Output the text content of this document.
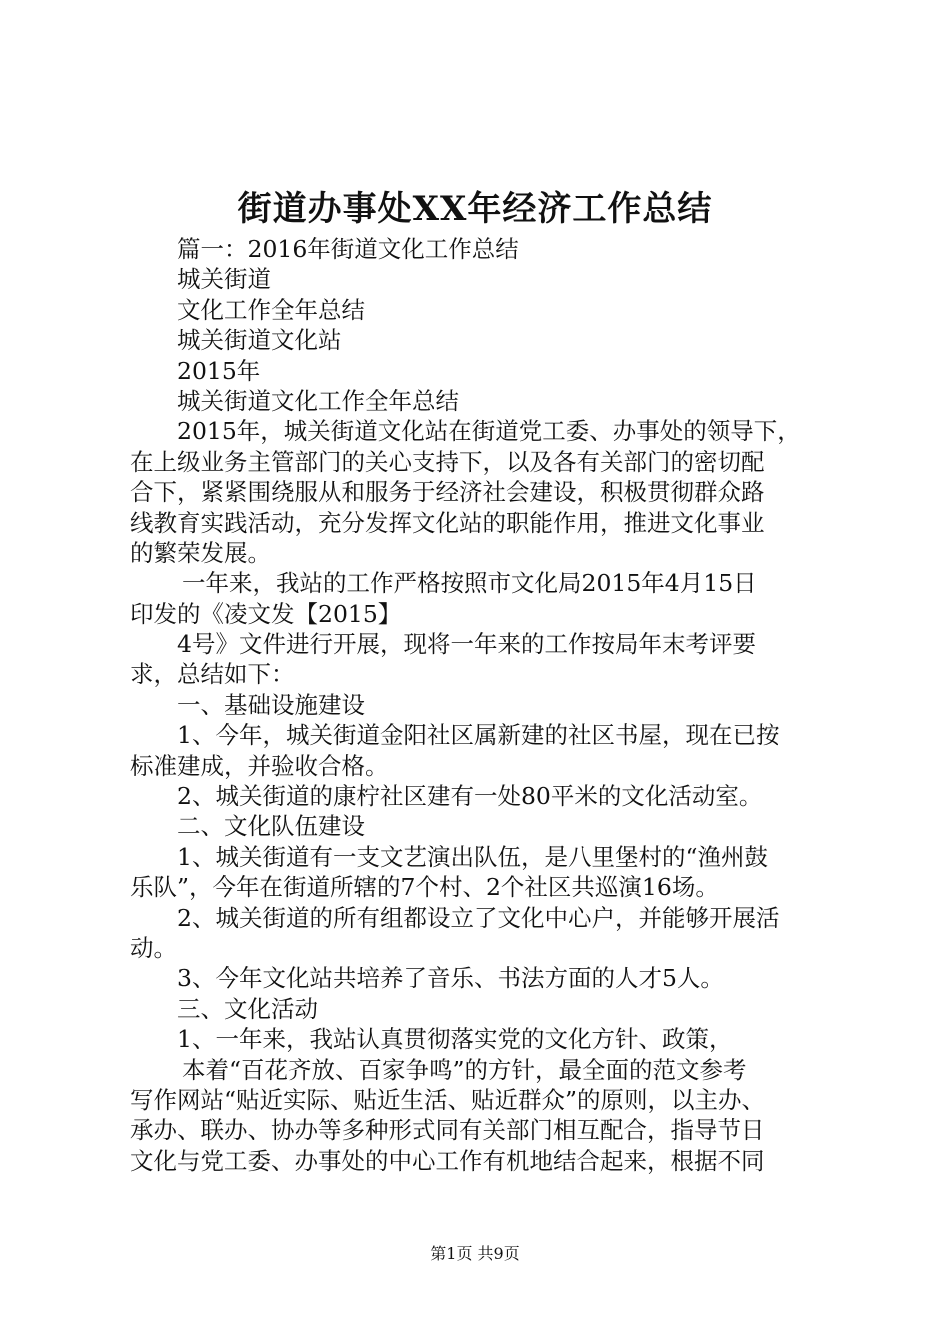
街道办事处XX年经济工作总结
篇一：2016年街道文化工作总结
城关街道
文化工作全年总结
城关街道文化站
2015年
城关街道文化工作全年总结
2015年，城关街道文化站在街道党工委、办事处的领导下，
在上级业务主管部门的关心支持下，以及各有关部门的密切配
合下，紧紧围绕服从和服务于经济社会建设，积极贯彻群众路
线教育实践活动，充分发挥文化站的职能作用，推进文化事业
的繁荣发展。
一年来，我站的工作严格按照市文化局2015年4月15日
印发的《凌文发【2015】
4号》文件进行开展，现将一年来的工作按局年末考评要
求，总结如下：
一、基础设施建设
1、今年，城关街道金阳社区属新建的社区书屋，现在已按
标准建成，并验收合格。
2、城关街道的康柠社区建有一处80平米的文化活动室。
二、文化队伍建设
1、城关街道有一支文艺演出队伍，是八里堡村的“渔州鼓
乐队”，今年在街道所辖的7个村、2个社区共巡演16场。
2、城关街道的所有组都设立了文化中心户，并能够开展活
动。
3、今年文化站共培养了音乐、书法方面的人才5人。
三、文化活动
1、一年来，我站认真贯彻落实党的文化方针、政策，
本着“百花齐放、百家争鸣”的方针，最全面的范文参考
写作网站“贴近实际、贴近生活、贴近群众”的原则，以主办、
承办、联办、协办等多种形式同有关部门相互配合，指导节日
文化与党工委、办事处的中心工作有机地结合起来，根据不同
第1页 共9页
